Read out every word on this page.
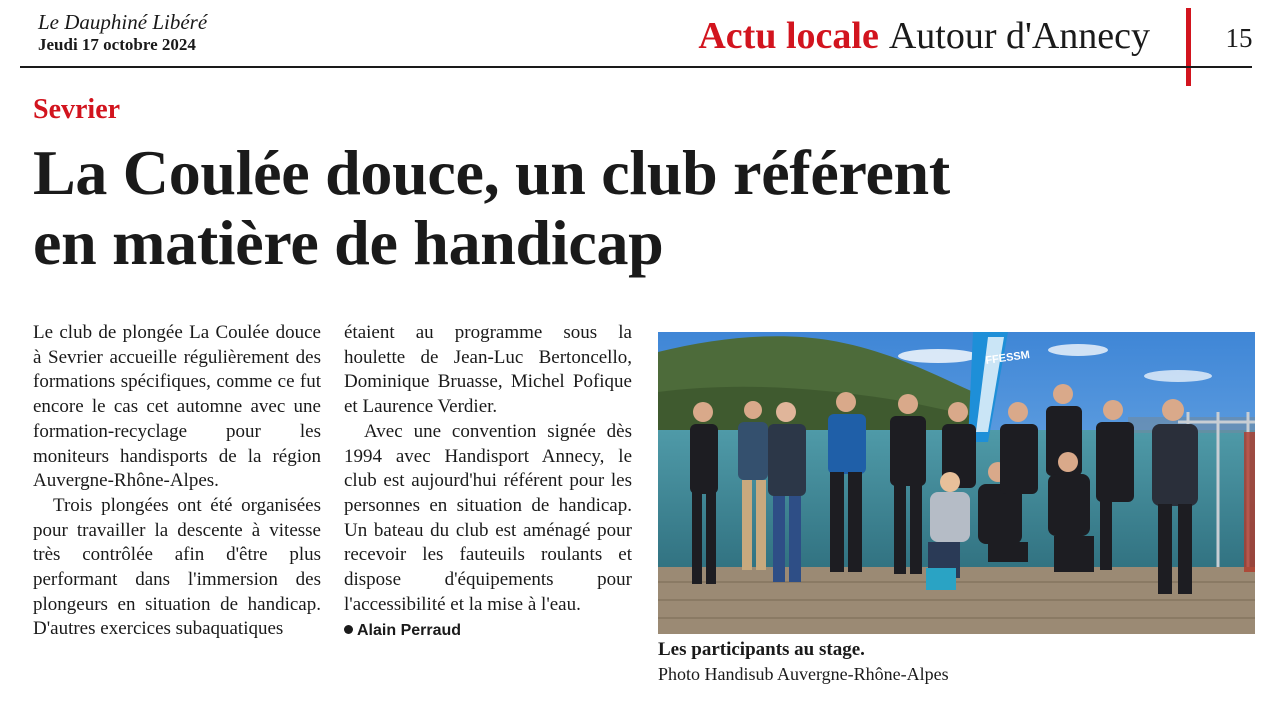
Le Dauphiné Libéré
Jeudi 17 octobre 2024	Actu locale Autour d'Annecy	15
Sevrier
La Coulée douce, un club référent
en matière de handicap

Le club de plongée La Coulée douce à Sevrier accueille régulièrement des formations spécifiques, comme ce fut encore le cas cet automne avec une formation-recyclage pour les moniteurs handisports de la région Auvergne-Rhône-Alpes.

Trois plongées ont été organisées pour travailler la descente à vitesse très contrôlée afin d'être plus performant dans l'immersion des plongeurs en situation de handicap. D'autres exercices subaquatiques

étaient au programme sous la houlette de Jean-Luc Bertoncello, Dominique Bruasse, Michel Pofique et Laurence Verdier.

Avec une convention signée dès 1994 avec Handisport Annecy, le club est aujourd'hui référent pour les personnes en situation de handicap. Un bateau du club est aménagé pour recevoir les fauteuils roulants et dispose d'équipements pour l'accessibilité et la mise à l'eau.

Alain Perraud

FFESSM
Les participants au stage.
Photo Handisub Auvergne-Rhône-Alpes
